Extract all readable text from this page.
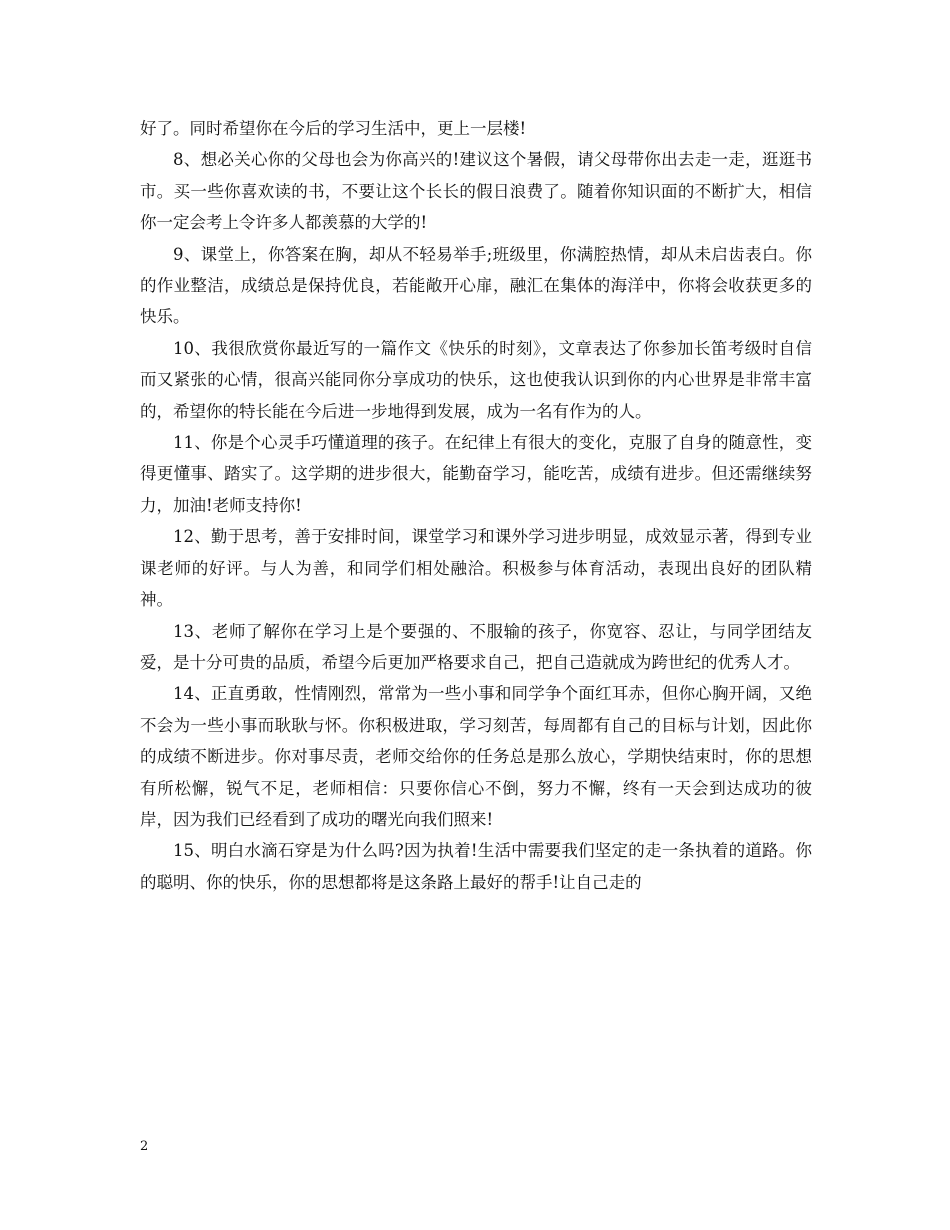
好了。同时希望你在今后的学习生活中，更上一层楼!

8、想必关心你的父母也会为你高兴的!建议这个暑假，请父母带你出去走一走，逛逛书市。买一些你喜欢读的书，不要让这个长长的假日浪费了。随着你知识面的不断扩大，相信你一定会考上令许多人都羡慕的大学的!

9、课堂上，你答案在胸，却从不轻易举手;班级里，你满腔热情，却从未启齿表白。你的作业整洁，成绩总是保持优良，若能敞开心扉，融汇在集体的海洋中，你将会收获更多的快乐。

10、我很欣赏你最近写的一篇作文《快乐的时刻》，文章表达了你参加长笛考级时自信而又紧张的心情，很高兴能同你分享成功的快乐，这也使我认识到你的内心世界是非常丰富的，希望你的特长能在今后进一步地得到发展，成为一名有作为的人。

11、你是个心灵手巧懂道理的孩子。在纪律上有很大的变化，克服了自身的随意性，变得更懂事、踏实了。这学期的进步很大，能勤奋学习，能吃苦，成绩有进步。但还需继续努力，加油!老师支持你!

12、勤于思考，善于安排时间，课堂学习和课外学习进步明显，成效显示著，得到专业课老师的好评。与人为善，和同学们相处融洽。积极参与体育活动，表现出良好的团队精神。

13、老师了解你在学习上是个要强的、不服输的孩子，你宽容、忍让，与同学团结友爱，是十分可贵的品质，希望今后更加严格要求自己，把自己造就成为跨世纪的优秀人才。

14、正直勇敢，性情刚烈，常常为一些小事和同学争个面红耳赤，但你心胸开阔，又绝不会为一些小事而耿耿与怀。你积极进取，学习刻苦，每周都有自己的目标与计划，因此你的成绩不断进步。你对事尽责，老师交给你的任务总是那么放心，学期快结束时，你的思想有所松懈，锐气不足，老师相信：只要你信心不倒，努力不懈，终有一天会到达成功的彼岸，因为我们已经看到了成功的曙光向我们照来!

15、明白水滴石穿是为什么吗?因为执着!生活中需要我们坚定的走一条执着的道路。你的聪明、你的快乐，你的思想都将是这条路上最好的帮手!让自己走的

2
